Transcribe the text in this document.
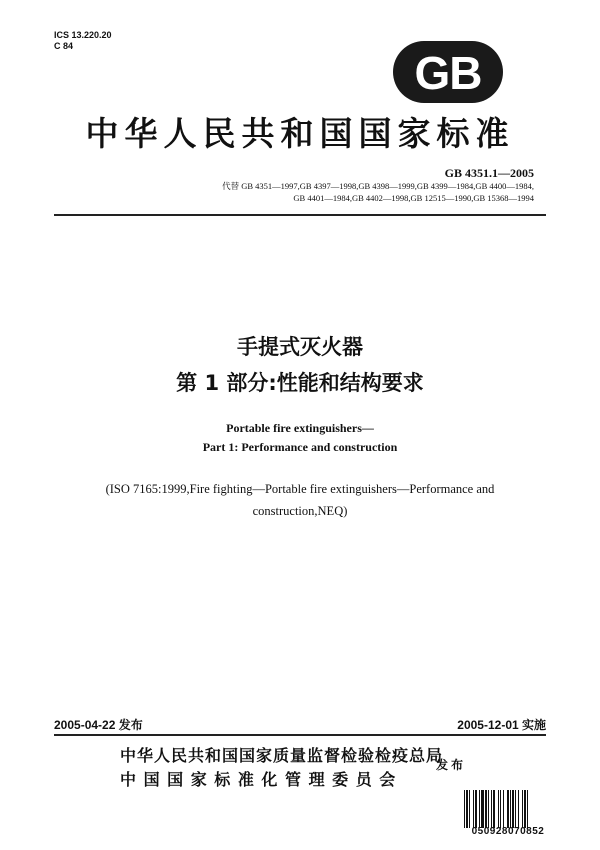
ICS 13.220.20
C 84
GB
中华人民共和国国家标准
GB 4351.1—2005
代替 GB 4351—1997,GB 4397—1998,GB 4398—1999,GB 4399—1984,GB 4400—1984,
GB 4401—1984,GB 4402—1998,GB 12515—1990,GB 15368—1994
手提式灭火器
第 1 部分:性能和结构要求
Portable fire extinguishers—
Part 1: Performance and construction
(ISO 7165:1999,Fire fighting—Portable fire extinguishers—Performance and
construction,NEQ)
2005-04-22 发布	2005-12-01 实施
中华人民共和国国家质量监督检验检疫总局
中 国 国 家 标 准 化 管 理 委 员 会
发布
050928070852
